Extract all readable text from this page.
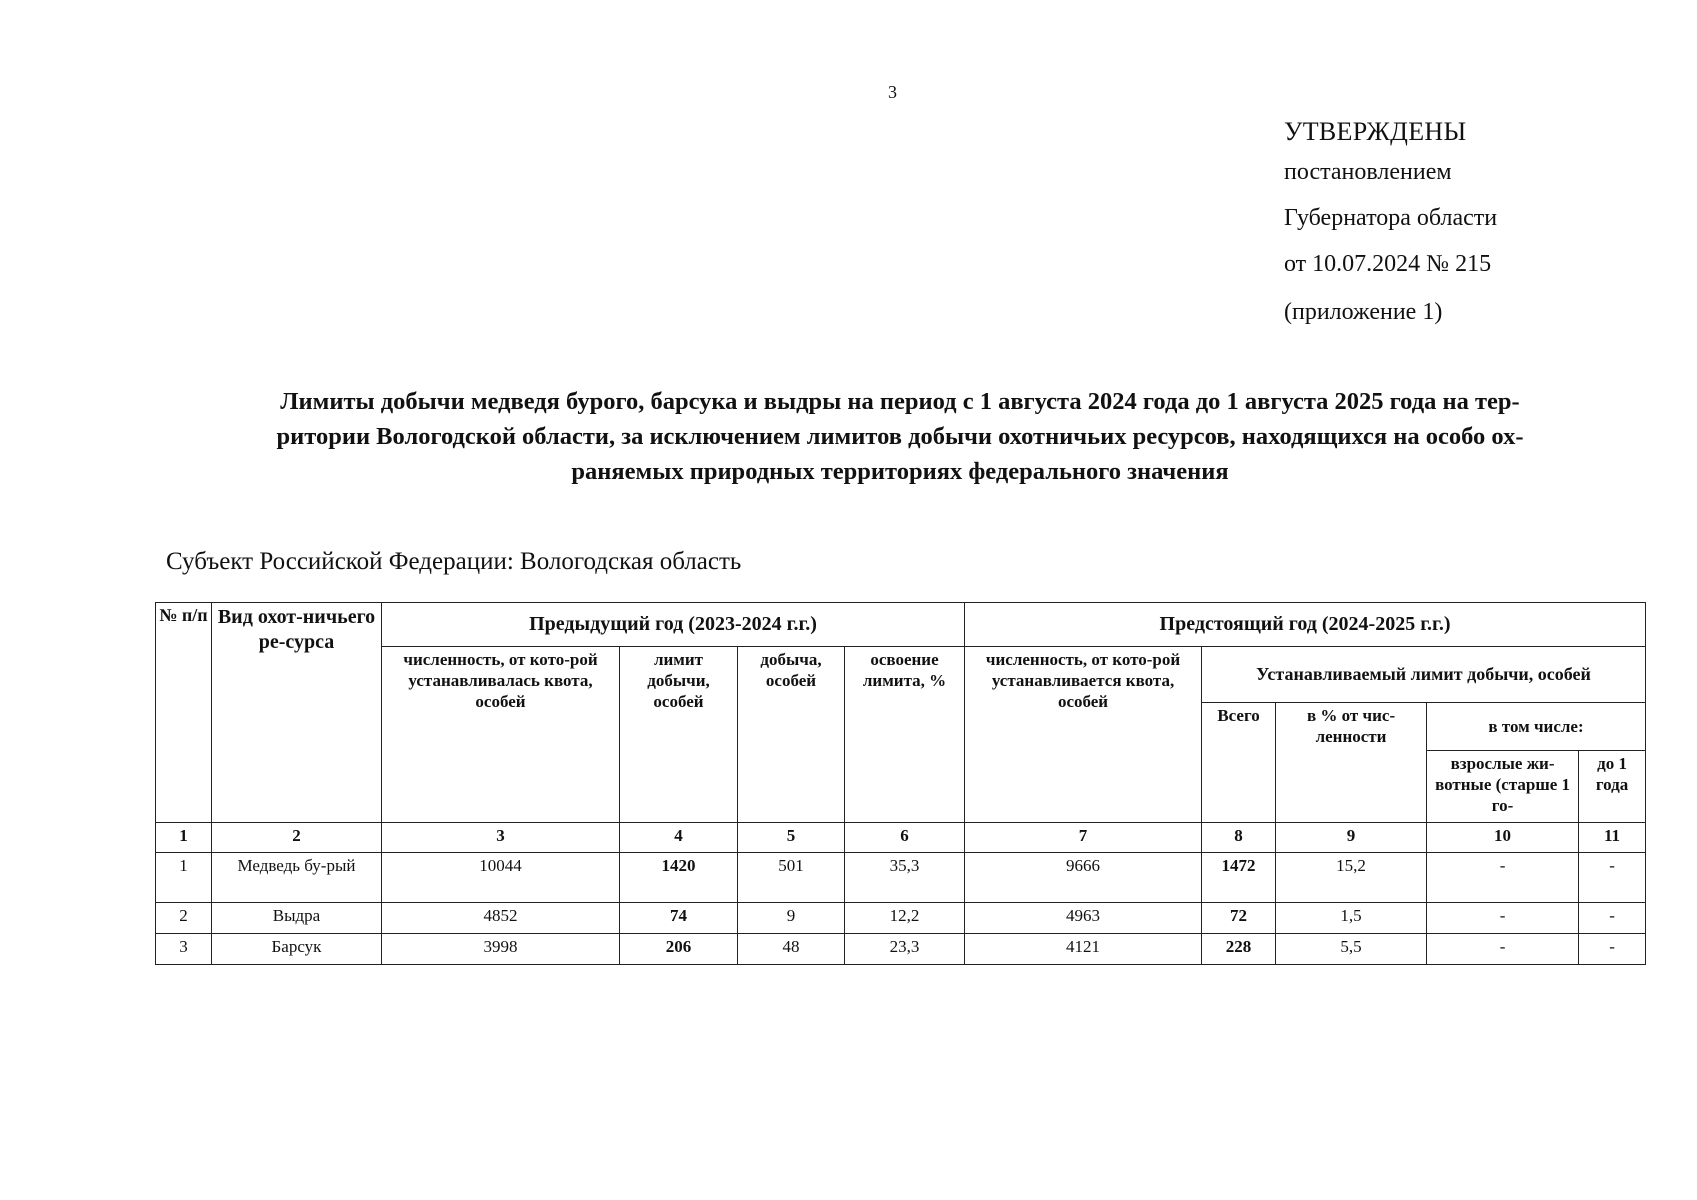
3
УТВЕРЖДЕНЫ
постановлением
Губернатора области
от 10.07.2024 № 215
(приложение 1)
Лимиты добычи медведя бурого, барсука и выдры на период с 1 августа 2024 года до 1 августа 2025 года на тер-
ритории Вологодской области, за исключением лимитов добычи охотничьих ресурсов, находящихся на особо ох-
раняемых природных территориях федерального значения
Субъект Российской Федерации: Вологодская область
№ п/п	Вид охот-ничьего ре-сурса	Предыдущий год (2023-2024 г.г.)				Предстоящий год (2024-2025 г.г.)				
		численность, от кото-рой устанавливалась квота, особей	лимит добычи, особей	добыча, особей	освоение лимита, %	численность, от кото-рой устанавливается квота, особей	Устанавливаемый лимит добычи, особей			
							Всего	в % от чис-ленности	в том числе:	

									взрослые жи-вотные (старше 1 го-	до 1 года
1	2	3	4	5	6	7	8	9	10	11
1	Медведь бу-рый	10044	1420	501	35,3	9666	1472	15,2	-	-
2	Выдра	4852	74	9	12,2	4963	72	1,5	-	-
3	Барсук	3998	206	48	23,3	4121	228	5,5	-	-
